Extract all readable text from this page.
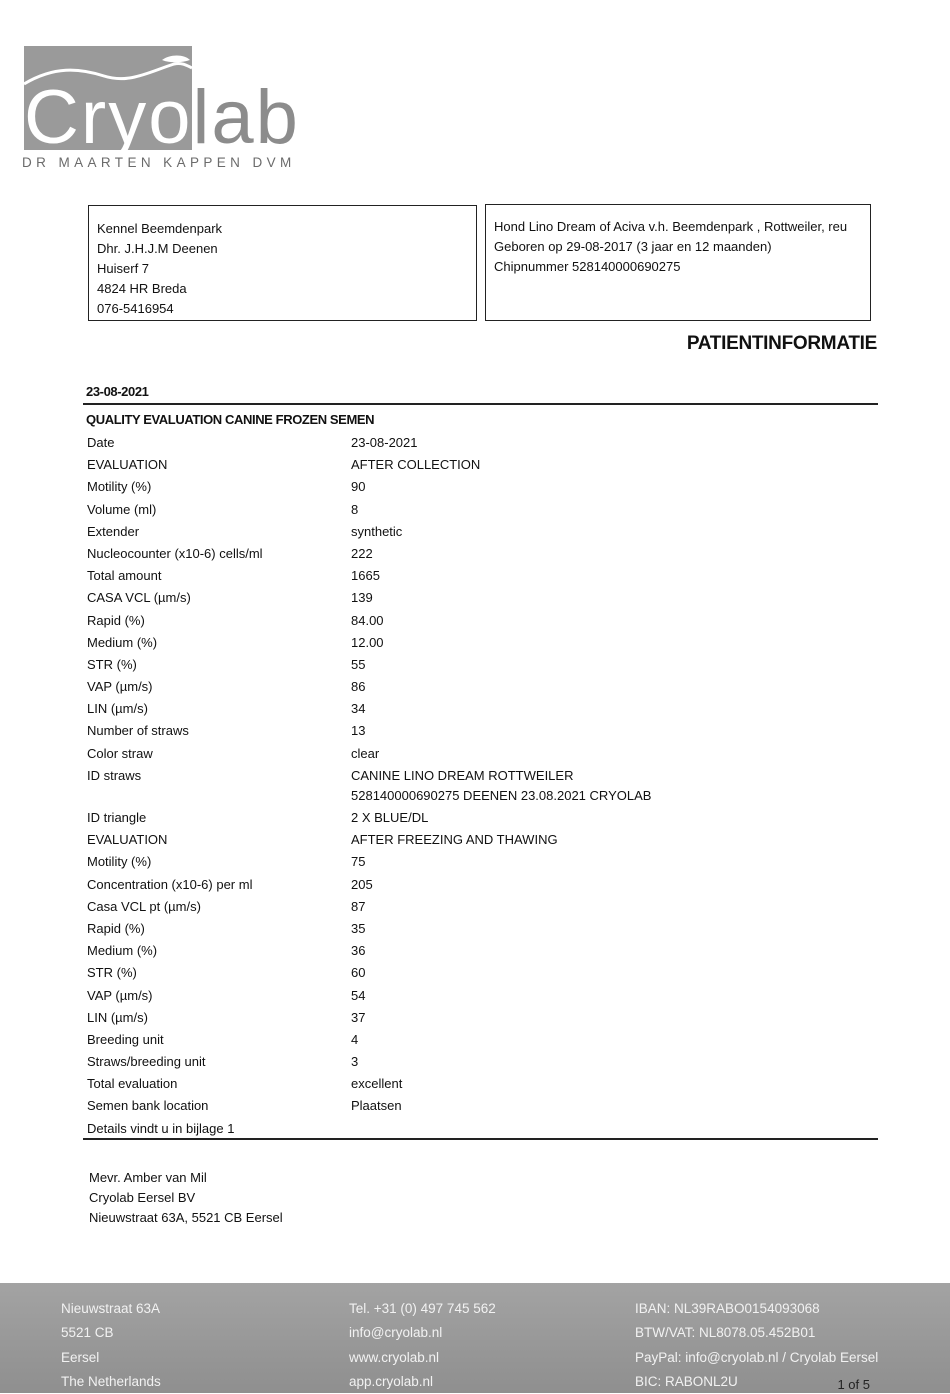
Cryolab
DR MAARTEN KAPPEN DVM
Kennel Beemdenpark
Dhr. J.H.J.M Deenen
Huiserf 7
4824 HR Breda
076-5416954
Hond Lino Dream of Aciva v.h. Beemdenpark , Rottweiler, reu
Geboren op 29-08-2017 (3 jaar en 12 maanden)
Chipnummer 528140000690275
PATIENTINFORMATIE
23-08-2021
QUALITY EVALUATION CANINE FROZEN SEMEN
Date	23-08-2021
EVALUATION	AFTER COLLECTION
Motility (%)	90
Volume (ml)	8
Extender	synthetic
Nucleocounter (x10-6) cells/ml	222
Total amount	1665
CASA VCL (µm/s)	139
Rapid (%)	84.00
Medium (%)	12.00
STR (%)	55
VAP (µm/s)	86
LIN (µm/s)	34
Number of straws	13
Color straw	clear
ID straws	CANINE LINO DREAM ROTTWEILER
528140000690275 DEENEN 23.08.2021 CRYOLAB
ID triangle	2 X BLUE/DL
EVALUATION	AFTER FREEZING AND THAWING
Motility (%)	75
Concentration (x10-6) per ml	205
Casa VCL pt (µm/s)	87
Rapid (%)	35
Medium (%)	36
STR (%)	60
VAP (µm/s)	54
LIN (µm/s)	37
Breeding unit	4
Straws/breeding unit	3
Total evaluation	excellent
Semen bank location	Plaatsen
Details vindt u in bijlage 1
Mevr. Amber van Mil
Cryolab Eersel BV
Nieuwstraat 63A, 5521 CB Eersel
Nieuwstraat 63A
5521 CB
Eersel
The Netherlands
Tel. +31 (0) 497 745 562
info@cryolab.nl
www.cryolab.nl
app.cryolab.nl
IBAN: NL39RABO0154093068
BTW/VAT: NL8078.05.452B01
PayPal: info@cryolab.nl / Cryolab Eersel
BIC: RABONL2U	1 of 5
